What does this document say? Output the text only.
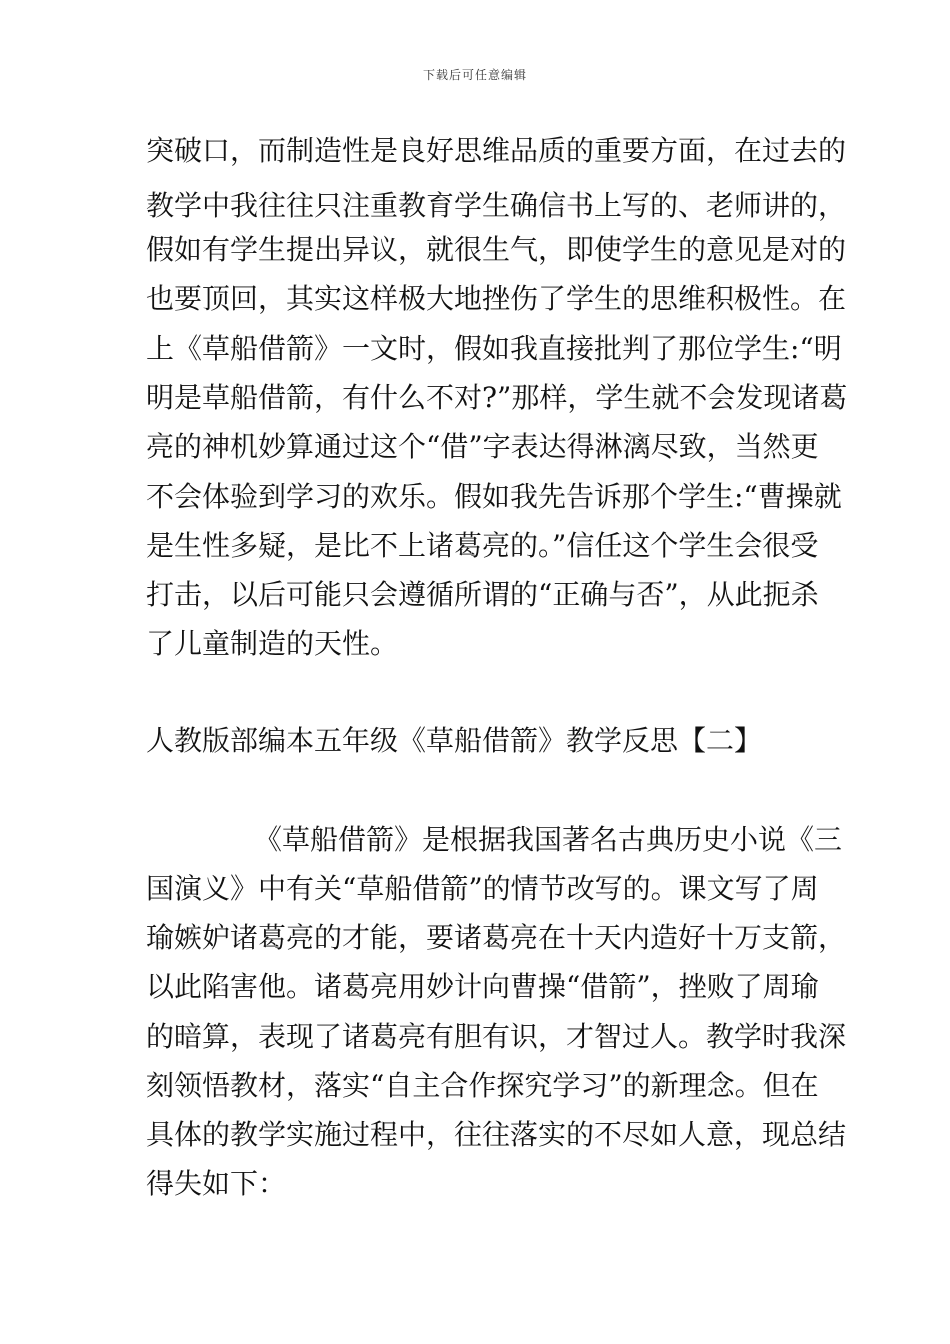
下载后可任意编辑
突破口，而制造性是良好思维品质的重要方面，在过去的
教学中我往往只注重教育学生确信书上写的、老师讲的，
假如有学生提出异议，就很生气，即使学生的意见是对的
也要顶回，其实这样极大地挫伤了学生的思维积极性。在
上《草船借箭》一文时，假如我直接批判了那位学生:“明
明是草船借箭，有什么不对?”那样，学生就不会发现诸葛
亮的神机妙算通过这个“借”字表达得淋漓尽致，当然更
不会体验到学习的欢乐。假如我先告诉那个学生:“曹操就
是生性多疑，是比不上诸葛亮的。”信任这个学生会很受
打击，以后可能只会遵循所谓的“正确与否”，从此扼杀
了儿童制造的天性。
人教版部编本五年级《草船借箭》教学反思【二】
《草船借箭》是根据我国著名古典历史小说《三
国演义》中有关“草船借箭”的情节改写的。课文写了周
瑜嫉妒诸葛亮的才能，要诸葛亮在十天内造好十万支箭，
以此陷害他。诸葛亮用妙计向曹操“借箭”，挫败了周瑜
的暗算，表现了诸葛亮有胆有识，才智过人。教学时我深
刻领悟教材，落实“自主合作探究学习”的新理念。但在
具体的教学实施过程中，往往落实的不尽如人意，现总结
得失如下：
